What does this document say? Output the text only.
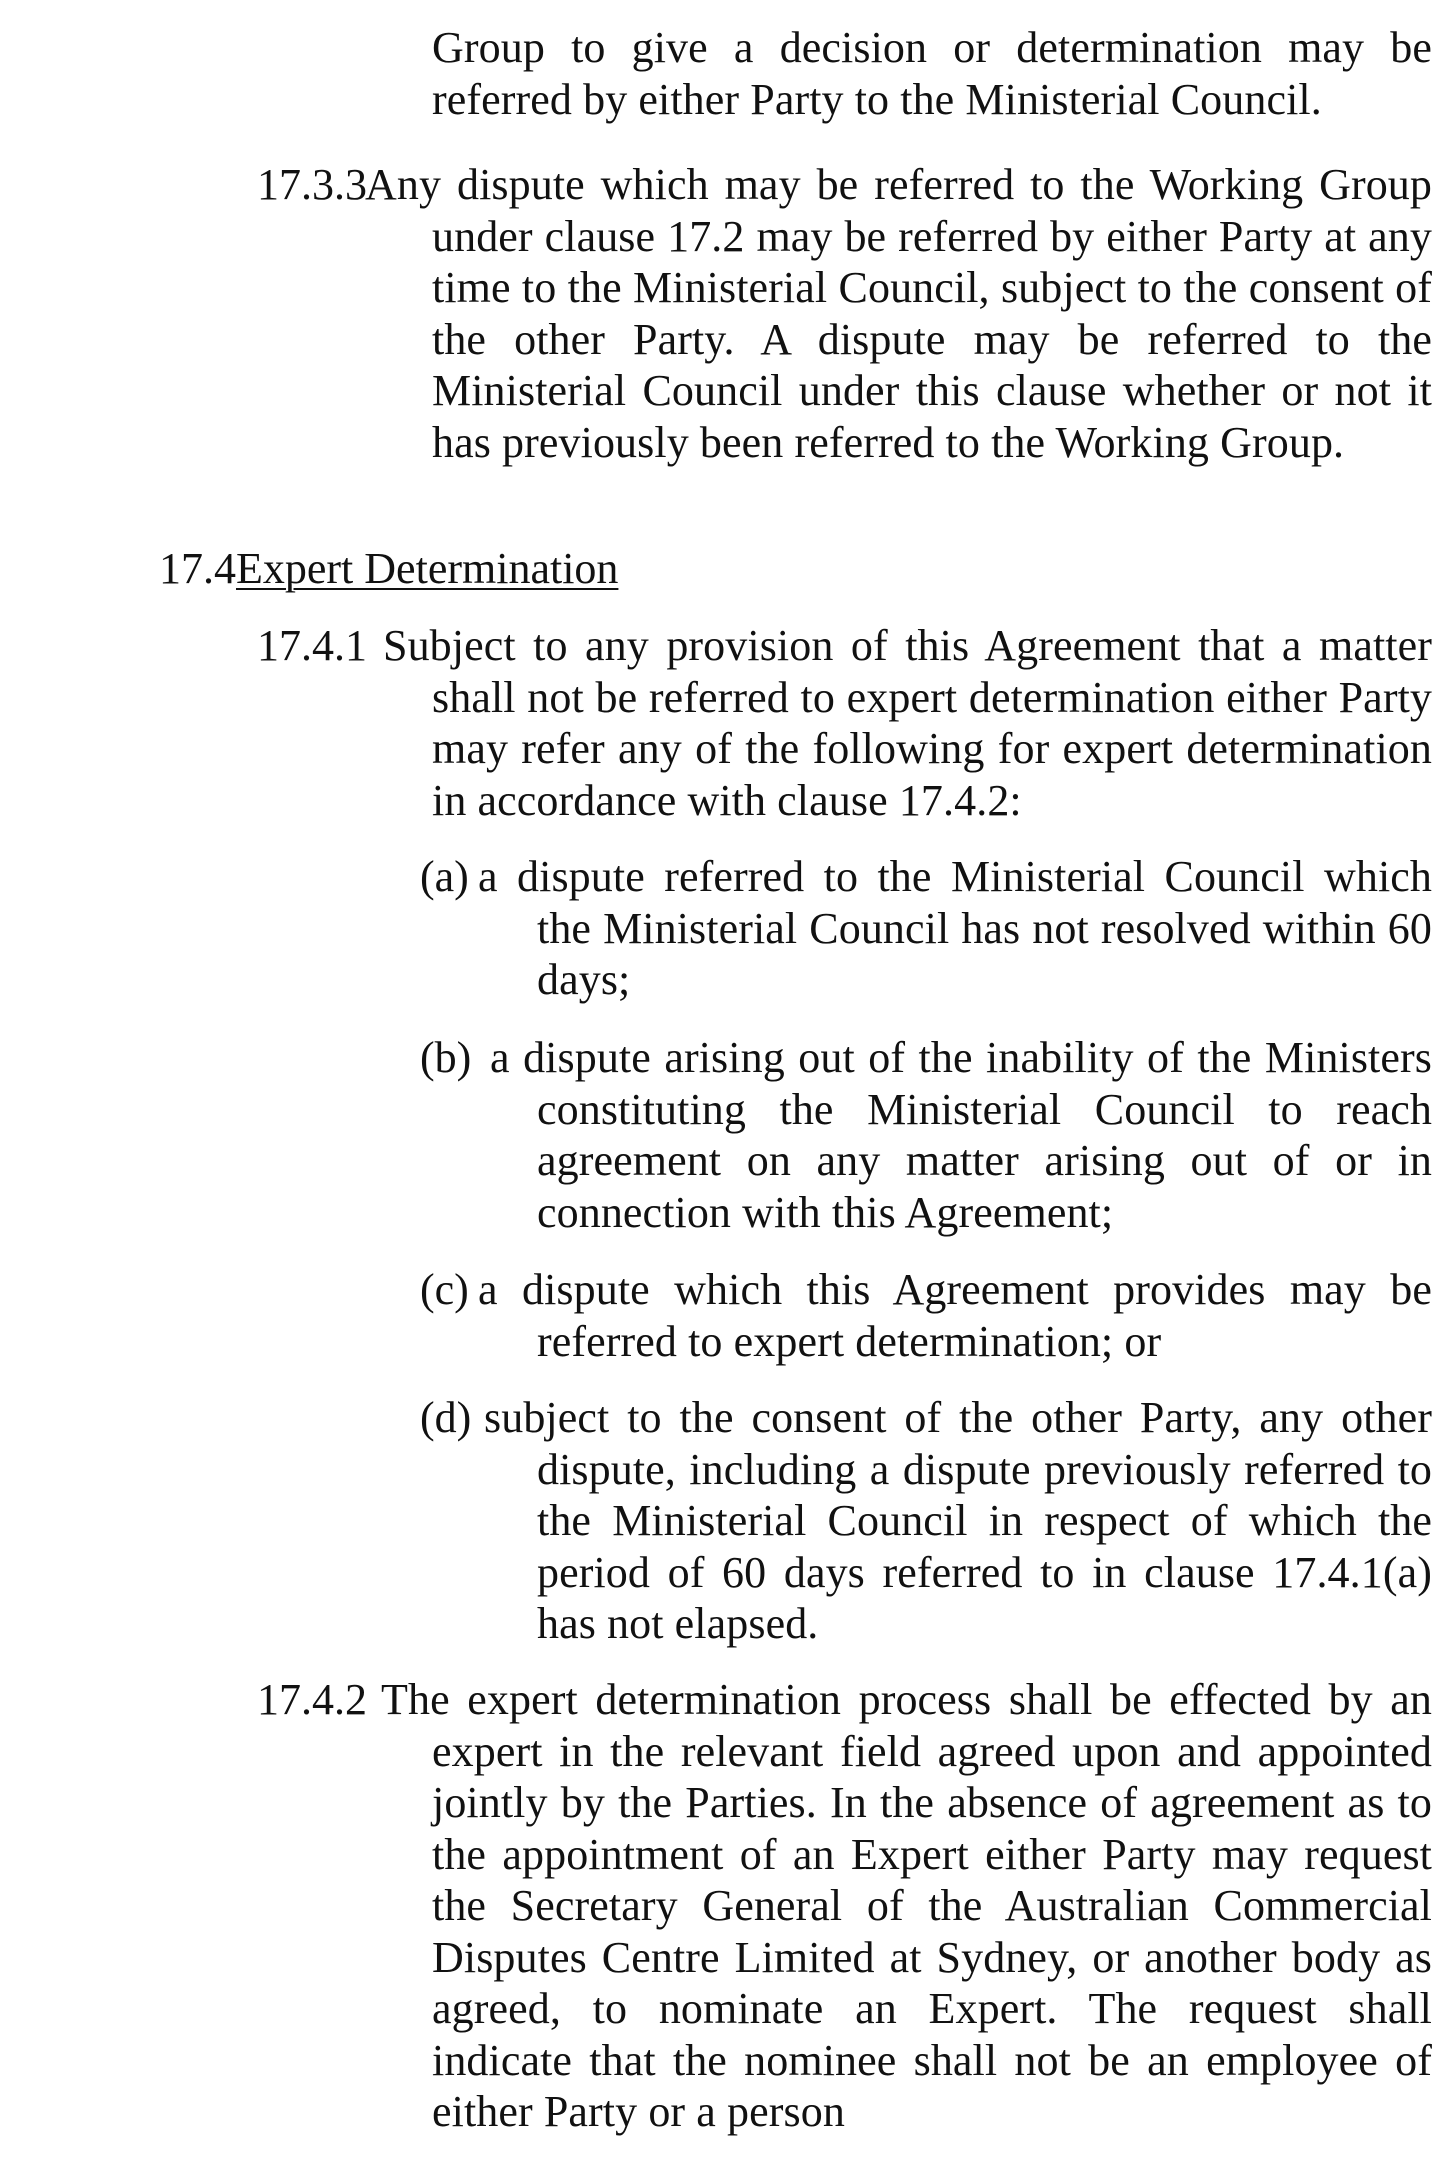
Group to give a decision or determination may be referred by either Party to the Ministerial Council.
17.3.3
Any dispute which may be referred to the Working Group under clause 17.2 may be referred by either Party at any time to the Ministerial Council, subject to the consent of the other Party. A dispute may be referred to the Ministerial Council under this clause whether or not it has previously been referred to the Working Group.
17.4Expert Determination
17.4.1 Subject to any provision of this Agreement that a matter shall not be referred to expert determination either Party may refer any of the following for expert determination in accordance with clause 17.4.2:
(a) a dispute referred to the Ministerial Council which the Ministerial Council has not resolved within 60 days;
(b) a dispute arising out of the inability of the Ministers constituting the Ministerial Council to reach agreement on any matter arising out of or in connection with this Agreement;
(c) a dispute which this Agreement provides may be referred to expert determination; or
(d) subject to the consent of the other Party, any other dispute, including a dispute previously referred to the Ministerial Council in respect of which the period of 60 days referred to in clause 17.4.1(a) has not elapsed.
17.4.2 The expert determination process shall be effected by an expert in the relevant field agreed upon and appointed jointly by the Parties. In the absence of agreement as to the appointment of an Expert either Party may request the Secretary General of the Australian Commercial Disputes Centre Limited at Sydney, or another body as agreed, to nominate an Expert. The request shall indicate that the nominee shall not be an employee of either Party or a person
